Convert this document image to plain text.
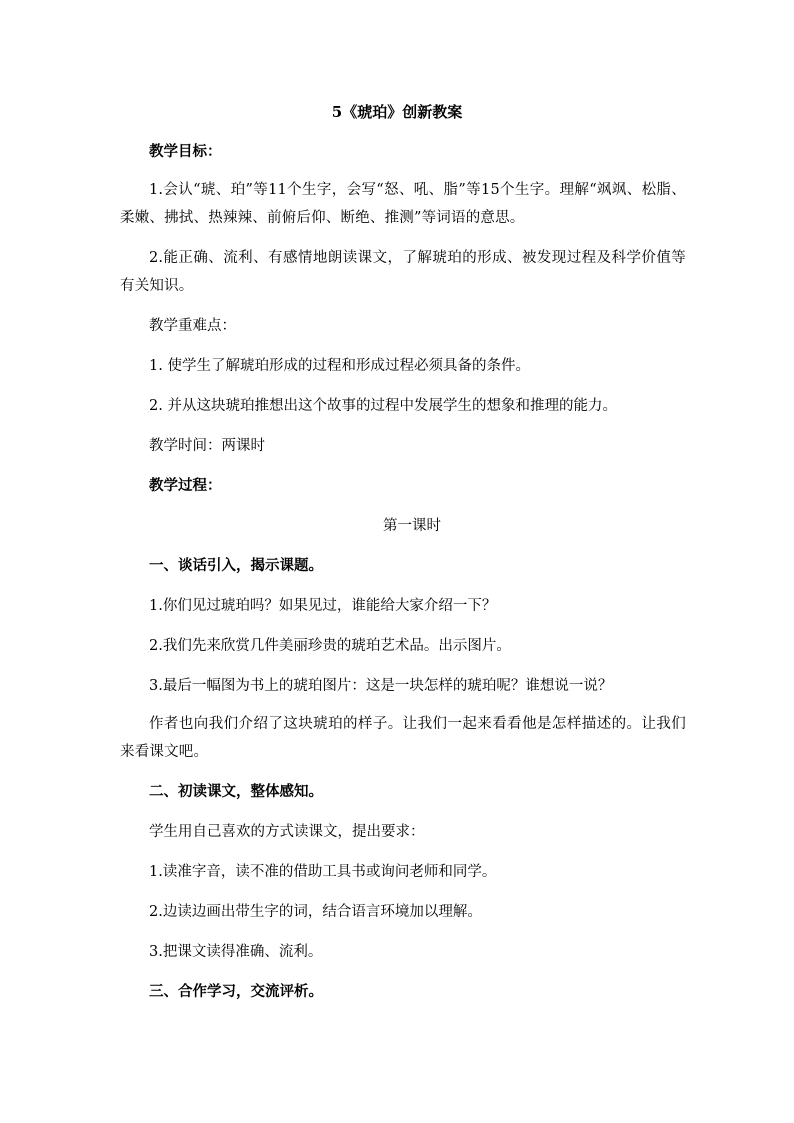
5《琥珀》创新教案
教学目标：
1.会认“琥、珀”等11个生字，会写“怒、吼、脂”等15个生字。理解“飒飒、松脂、柔嫩、拂拭、热辣辣、前俯后仰、断绝、推测”等词语的意思。
2.能正确、流利、有感情地朗读课文，了解琥珀的形成、被发现过程及科学价值等有关知识。
教学重难点：
1. 使学生了解琥珀形成的过程和形成过程必须具备的条件。
2. 并从这块琥珀推想出这个故事的过程中发展学生的想象和推理的能力。
教学时间：两课时
教学过程：
第一课时
一、谈话引入，揭示课题。
1.你们见过琥珀吗？如果见过，谁能给大家介绍一下？
2.我们先来欣赏几件美丽珍贵的琥珀艺术品。出示图片。
3.最后一幅图为书上的琥珀图片：这是一块怎样的琥珀呢？谁想说一说？
作者也向我们介绍了这块琥珀的样子。让我们一起来看看他是怎样描述的。让我们来看课文吧。
二、初读课文，整体感知。
学生用自己喜欢的方式读课文，提出要求：
1.读准字音，读不准的借助工具书或询问老师和同学。
2.边读边画出带生字的词，结合语言环境加以理解。
3.把课文读得准确、流利。
三、合作学习，交流评析。
